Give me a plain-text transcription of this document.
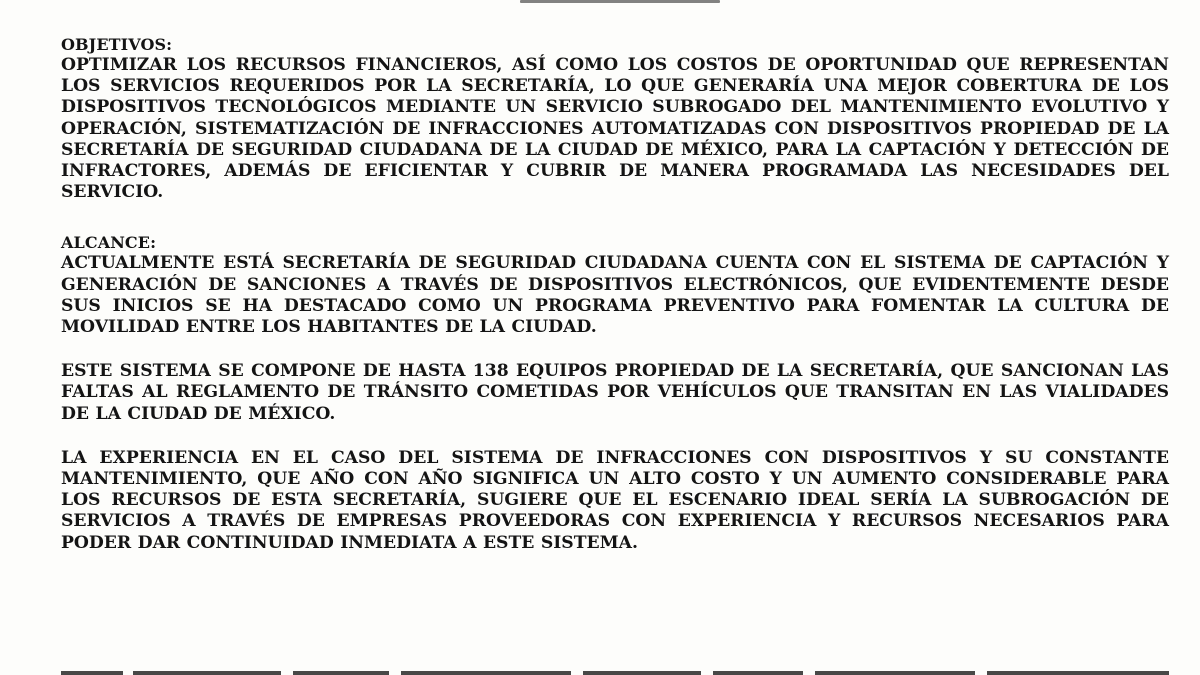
OBJETIVOS:

OPTIMIZAR LOS RECURSOS FINANCIEROS, ASÍ COMO LOS COSTOS DE OPORTUNIDAD QUE REPRESENTAN LOS SERVICIOS REQUERIDOS POR LA SECRETARÍA, LO QUE GENERARÍA UNA MEJOR COBERTURA DE LOS DISPOSITIVOS TECNOLÓGICOS MEDIANTE UN SERVICIO SUBROGADO DEL MANTENIMIENTO EVOLUTIVO Y OPERACIÓN, SISTEMATIZACIÓN DE INFRACCIONES AUTOMATIZADAS CON DISPOSITIVOS PROPIEDAD DE LA SECRETARÍA DE SEGURIDAD CIUDADANA DE LA CIUDAD DE MÉXICO, PARA LA CAPTACIÓN Y DETECCIÓN DE INFRACTORES, ADEMÁS DE EFICIENTAR Y CUBRIR DE MANERA PROGRAMADA LAS NECESIDADES DEL SERVICIO.

ALCANCE:

ACTUALMENTE ESTÁ SECRETARÍA DE SEGURIDAD CIUDADANA CUENTA CON EL SISTEMA DE CAPTACIÓN Y GENERACIÓN DE SANCIONES A TRAVÉS DE DISPOSITIVOS ELECTRÓNICOS, QUE EVIDENTEMENTE DESDE SUS INICIOS SE HA DESTACADO COMO UN PROGRAMA PREVENTIVO PARA FOMENTAR LA CULTURA DE MOVILIDAD ENTRE LOS HABITANTES DE LA CIUDAD.

ESTE SISTEMA SE COMPONE DE HASTA 138 EQUIPOS PROPIEDAD DE LA SECRETARÍA, QUE SANCIONAN LAS FALTAS AL REGLAMENTO DE TRÁNSITO COMETIDAS POR VEHÍCULOS QUE TRANSITAN EN LAS VIALIDADES DE LA CIUDAD DE MÉXICO.

LA EXPERIENCIA EN EL CASO DEL SISTEMA DE INFRACCIONES CON DISPOSITIVOS Y SU CONSTANTE MANTENIMIENTO, QUE AÑO CON AÑO SIGNIFICA UN ALTO COSTO Y UN AUMENTO CONSIDERABLE PARA LOS RECURSOS DE ESTA SECRETARÍA, SUGIERE QUE EL ESCENARIO IDEAL SERÍA LA SUBROGACIÓN DE SERVICIOS A TRAVÉS DE EMPRESAS PROVEEDORAS CON EXPERIENCIA Y RECURSOS NECESARIOS PARA PODER DAR CONTINUIDAD INMEDIATA A ESTE SISTEMA.
